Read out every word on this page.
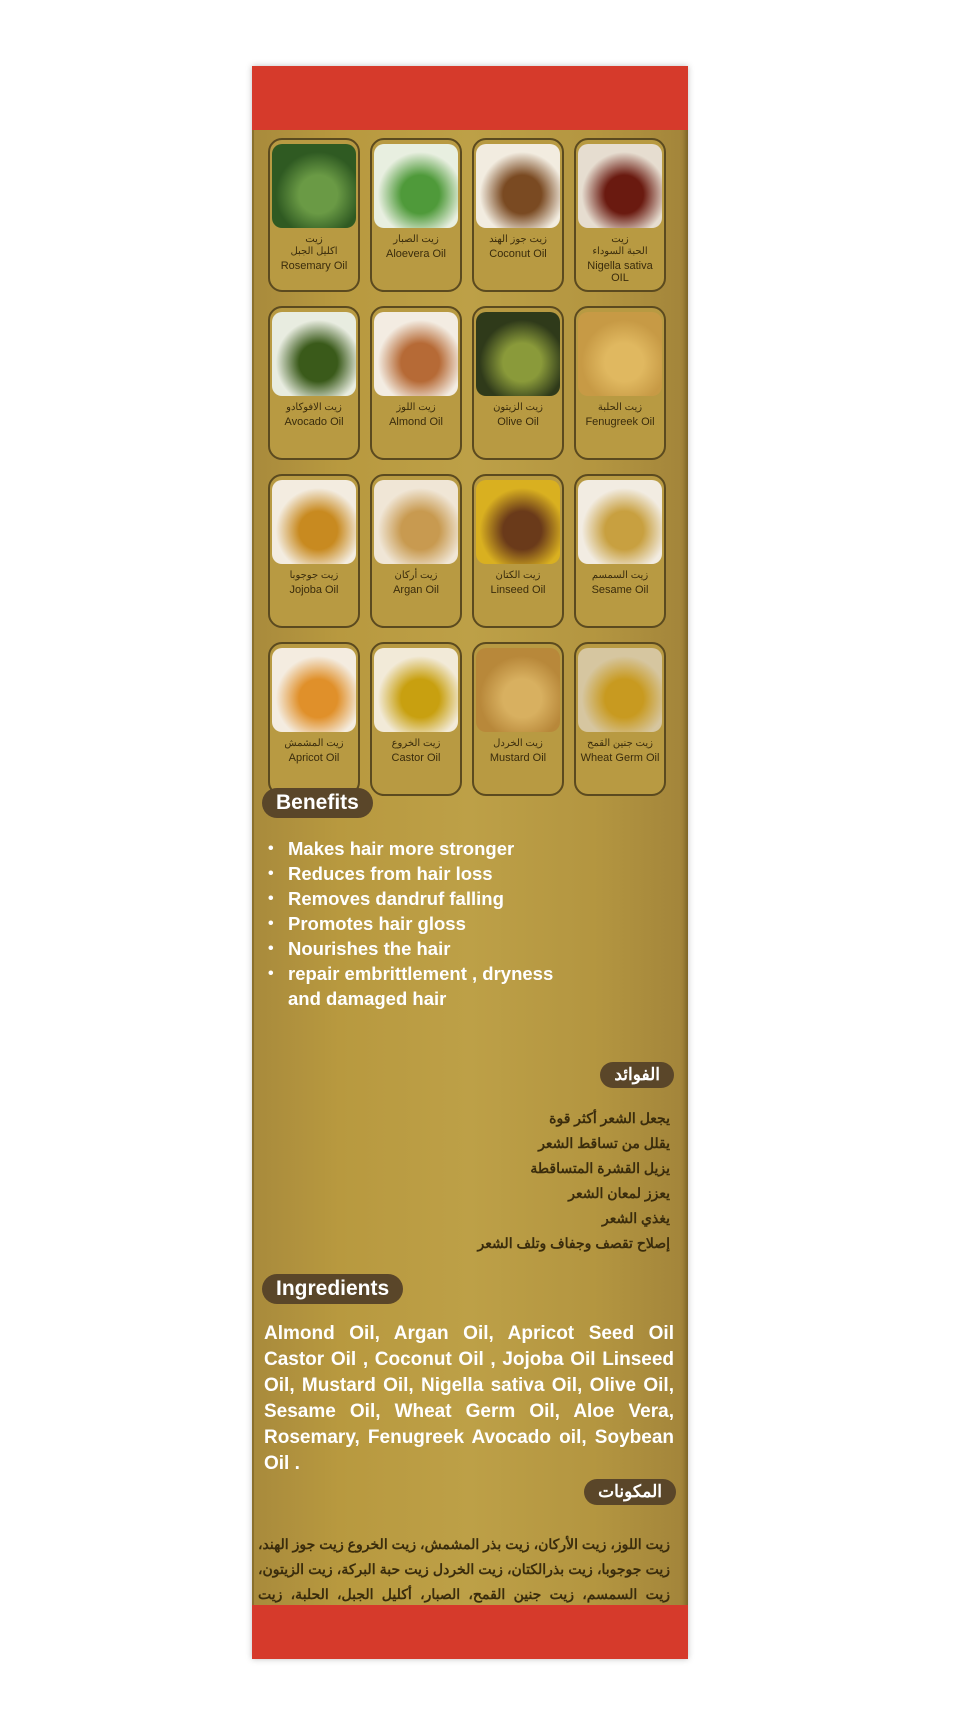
زيت
اكليل الجبل
Rosemary Oil
زيت الصبار
Aloevera Oil
زيت جوز الهند
Coconut Oil
زيت
الحبة السوداء
Nigella sativa
OIL
زيت الافوكادو
Avocado Oil
زيت اللوز
Almond Oil
زيت الزيتون
Olive Oil
زيت الحلبة
Fenugreek Oil
زيت جوجوبا
Jojoba Oil
زيت أركان
Argan Oil
زيت الكتان
Linseed Oil
زيت السمسم
Sesame Oil
زيت المشمش
Apricot Oil
زيت الخروع
Castor Oil
زيت الخردل
Mustard Oil
زيت جنين القمح
Wheat Germ Oil
Benefits
• Makes hair more stronger
• Reduces from hair loss
• Removes dandruf falling
• Promotes hair gloss
• Nourishes the hair
• repair embrittlement , dryness
and damaged hair
الفوائد
يجعل الشعر أكثر قوة
يقلل من تساقط الشعر
يزيل القشرة المتساقطة
يعزز لمعان الشعر
يغذي الشعر
إصلاح تقصف وجفاف وتلف الشعر
Ingredients
Almond Oil, Argan Oil, Apricot Seed Oil Castor Oil , Coconut Oil , Jojoba Oil Linseed Oil, Mustard Oil, Nigella sativa Oil, Olive Oil, Sesame Oil, Wheat Germ Oil, Aloe Vera, Rosemary, Fenugreek Avocado oil, Soybean Oil .
المكونات
زيت اللوز، زيت الأركان، زيت بذر المشمش، زيت الخروع زيت جوز الهند، زيت جوجوبا، زيت بذرالكتان، زيت الخردل زيت حبة البركة، زيت الزيتون، زيت السمسم، زيت جنين القمح، الصبار، أكليل الجبل، الحلبة، زيت
